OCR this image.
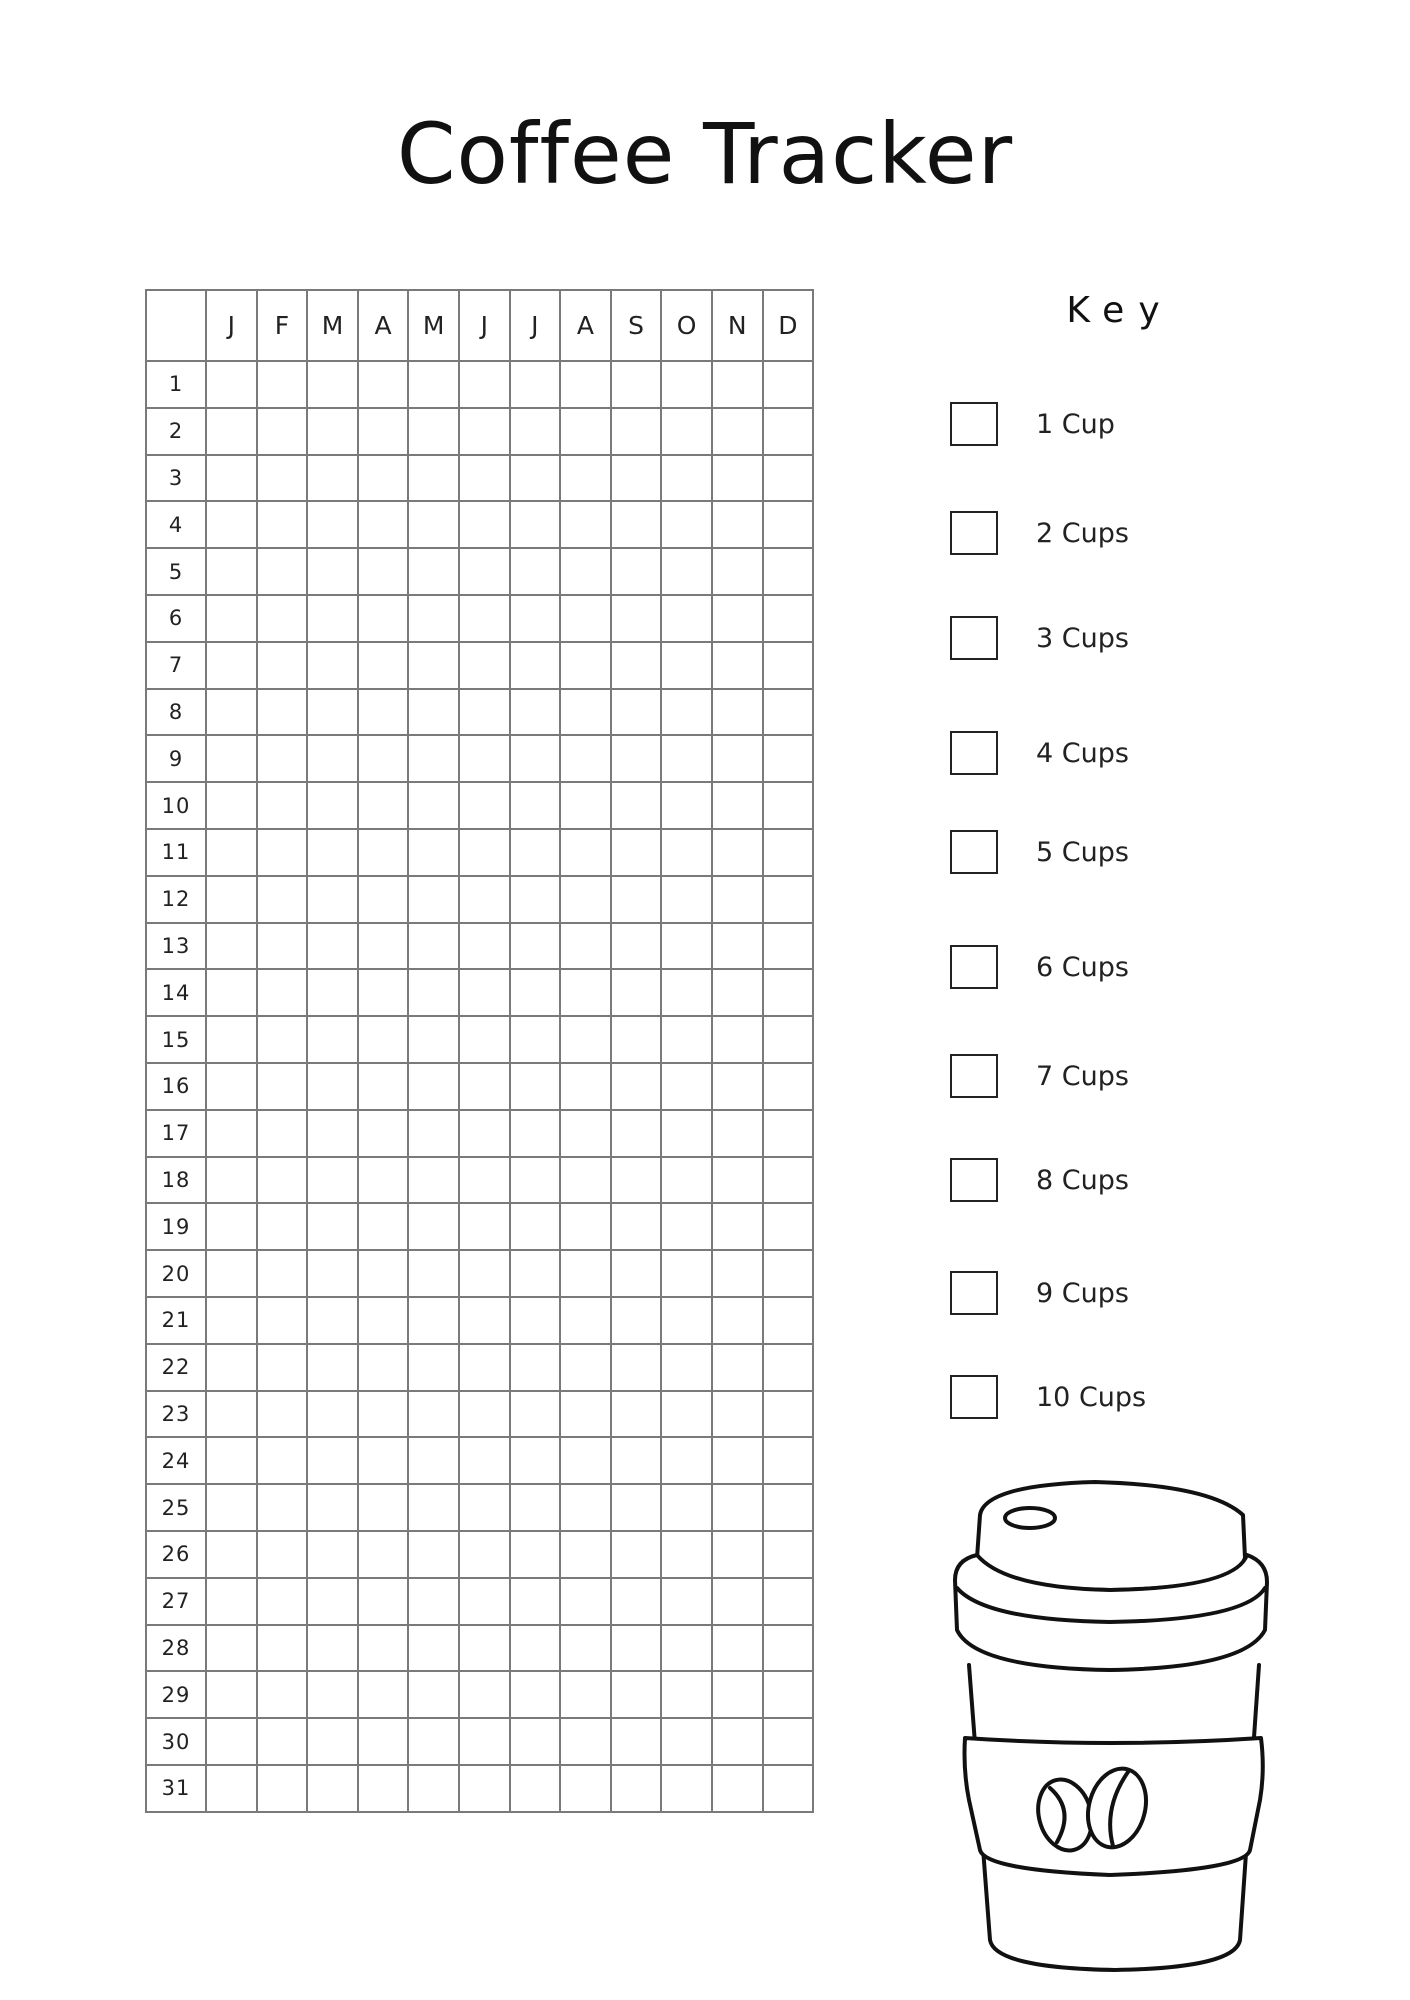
Coffee Tracker
	J	F	M	A	M	J	J	A	S	O	N	D
1												
2												
3												
4												
5												
6												
7												
8												
9												
10												
11												
12												
13												
14												
15												
16												
17												
18												
19												
20												
21												
22												
23												
24												
25												
26												
27												
28												
29												
30												
31												
Key
1 Cup
2 Cups
3 Cups
4 Cups
5 Cups
6 Cups
7 Cups
8 Cups
9 Cups
10 Cups
